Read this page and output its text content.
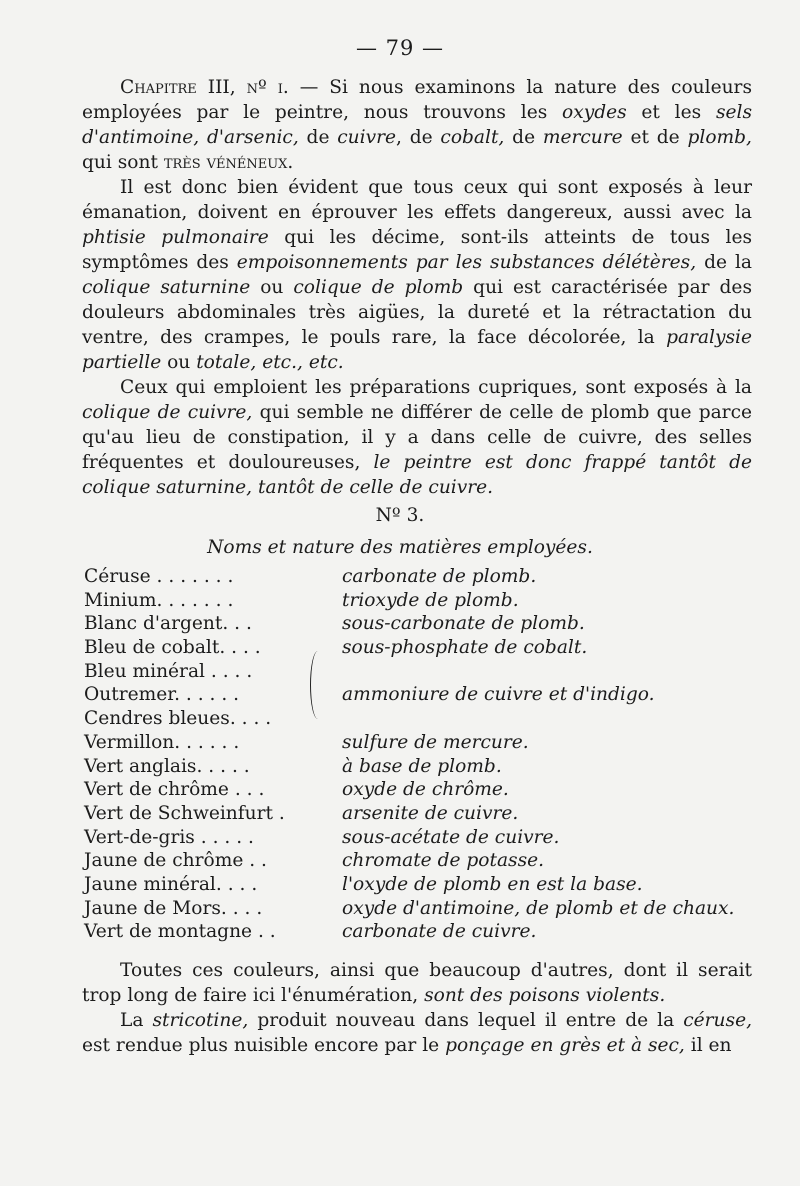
— 79 —

Chapitre III, nº i. — Si nous examinons la nature des couleurs employées par le peintre, nous trouvons les oxydes et les sels d'antimoine, d'arsenic, de cuivre, de cobalt, de mercure et de plomb, qui sont très vénéneux.

Il est donc bien évident que tous ceux qui sont exposés à leur émanation, doivent en éprouver les effets dangereux, aussi avec la phtisie pulmonaire qui les décime, sont-ils atteints de tous les symptômes des empoisonnements par les substances délétères, de la colique saturnine ou colique de plomb qui est caractérisée par des douleurs abdominales très aigües, la dureté et la rétractation du ventre, des crampes, le pouls rare, la face décolorée, la paralysie partielle ou totale, etc., etc.

Ceux qui emploient les préparations cupriques, sont exposés à la colique de cuivre, qui semble ne différer de celle de plomb que parce qu'au lieu de constipation, il y a dans celle de cuivre, des selles fréquentes et douloureuses, le peintre est donc frappé tantôt de colique saturnine, tantôt de celle de cuivre.

Nº 3.
Noms et nature des matières employées.
Céruse . . . . . . .	carbonate de plomb.
Minium. . . . . . .	trioxyde de plomb.
Blanc d'argent. . .	sous-carbonate de plomb.
Bleu de cobalt. . . .	sous-phosphate de cobalt.
Bleu minéral . . . .
Outremer. . . . . .	ammoniure de cuivre et d'indigo.
Cendres bleues. . . .
Vermillon. . . . . .	sulfure de mercure.
Vert anglais. . . . .	à base de plomb.
Vert de chrôme . . .	oxyde de chrôme.
Vert de Schweinfurt .	arsenite de cuivre.
Vert-de-gris . . . . .	sous-acétate de cuivre.
Jaune de chrôme . .	chromate de potasse.
Jaune minéral. . . .	l'oxyde de plomb en est la base.
Jaune de Mors. . . .	oxyde d'antimoine, de plomb et de chaux.
Vert de montagne . .	carbonate de cuivre.

Toutes ces couleurs, ainsi que beaucoup d'autres, dont il serait trop long de faire ici l'énumération, sont des poisons violents.

La stricotine, produit nouveau dans lequel il entre de la céruse, est rendue plus nuisible encore par le ponçage en grès et à sec, il en
